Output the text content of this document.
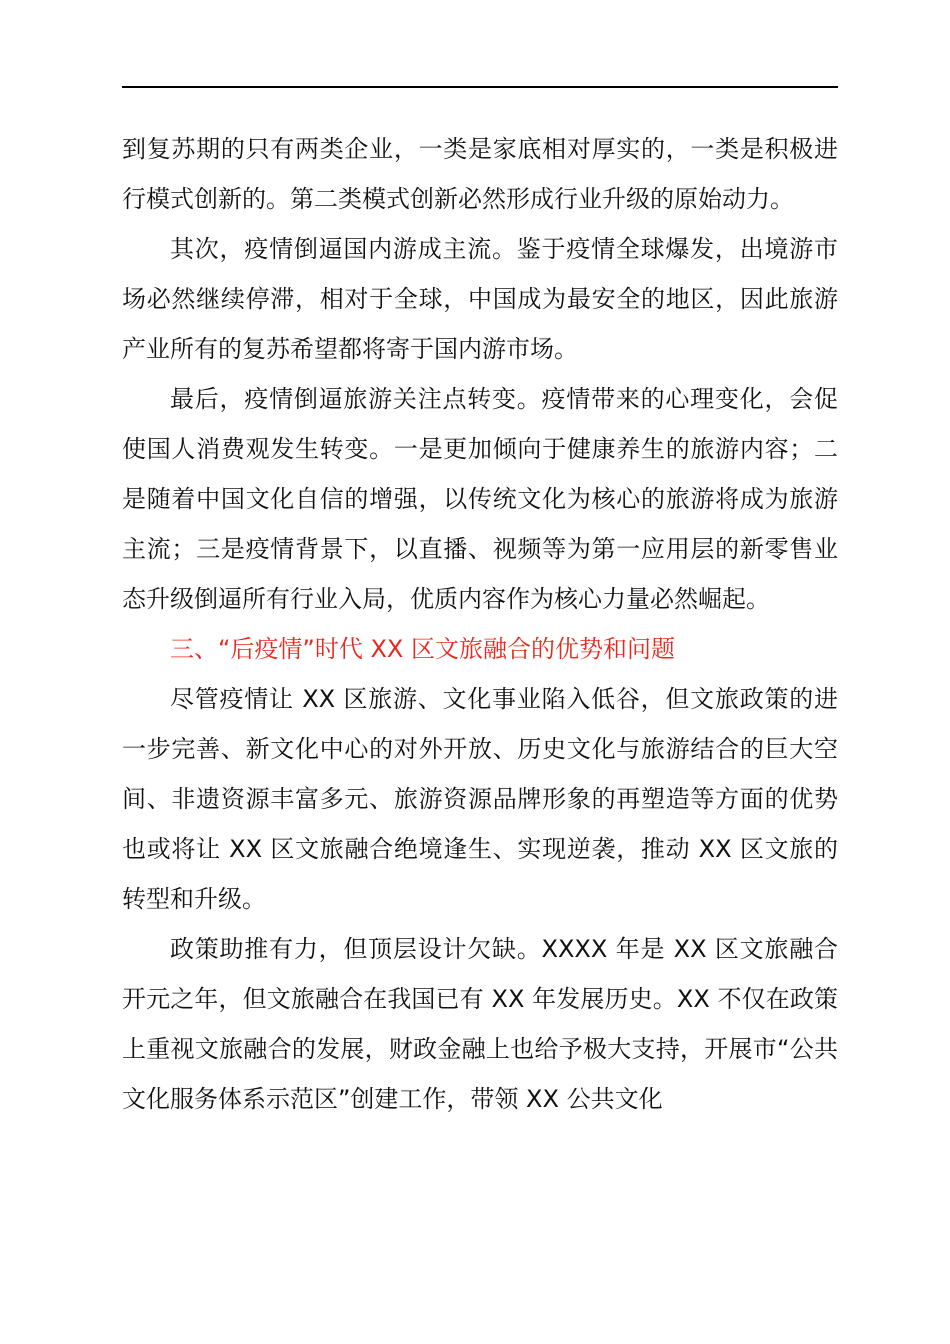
到复苏期的只有两类企业，一类是家底相对厚实的，一类是积极进行模式创新的。第二类模式创新必然形成行业升级的原始动力。

其次，疫情倒逼国内游成主流。鉴于疫情全球爆发，出境游市场必然继续停滞，相对于全球，中国成为最安全的地区，因此旅游产业所有的复苏希望都将寄于国内游市场。

最后，疫情倒逼旅游关注点转变。疫情带来的心理变化，会促使国人消费观发生转变。一是更加倾向于健康养生的旅游内容；二是随着中国文化自信的增强，以传统文化为核心的旅游将成为旅游主流；三是疫情背景下，以直播、视频等为第一应用层的新零售业态升级倒逼所有行业入局，优质内容作为核心力量必然崛起。

三、“后疫情”时代 XX 区文旅融合的优势和问题

尽管疫情让 XX 区旅游、文化事业陷入低谷，但文旅政策的进一步完善、新文化中心的对外开放、历史文化与旅游结合的巨大空间、非遗资源丰富多元、旅游资源品牌形象的再塑造等方面的优势也或将让 XX 区文旅融合绝境逢生、实现逆袭，推动 XX 区文旅的转型和升级。

政策助推有力，但顶层设计欠缺。XXXX 年是 XX 区文旅融合开元之年，但文旅融合在我国已有 XX 年发展历史。XX 不仅在政策上重视文旅融合的发展，财政金融上也给予极大支持，开展市“公共文化服务体系示范区”创建工作，带领 XX 公共文化
